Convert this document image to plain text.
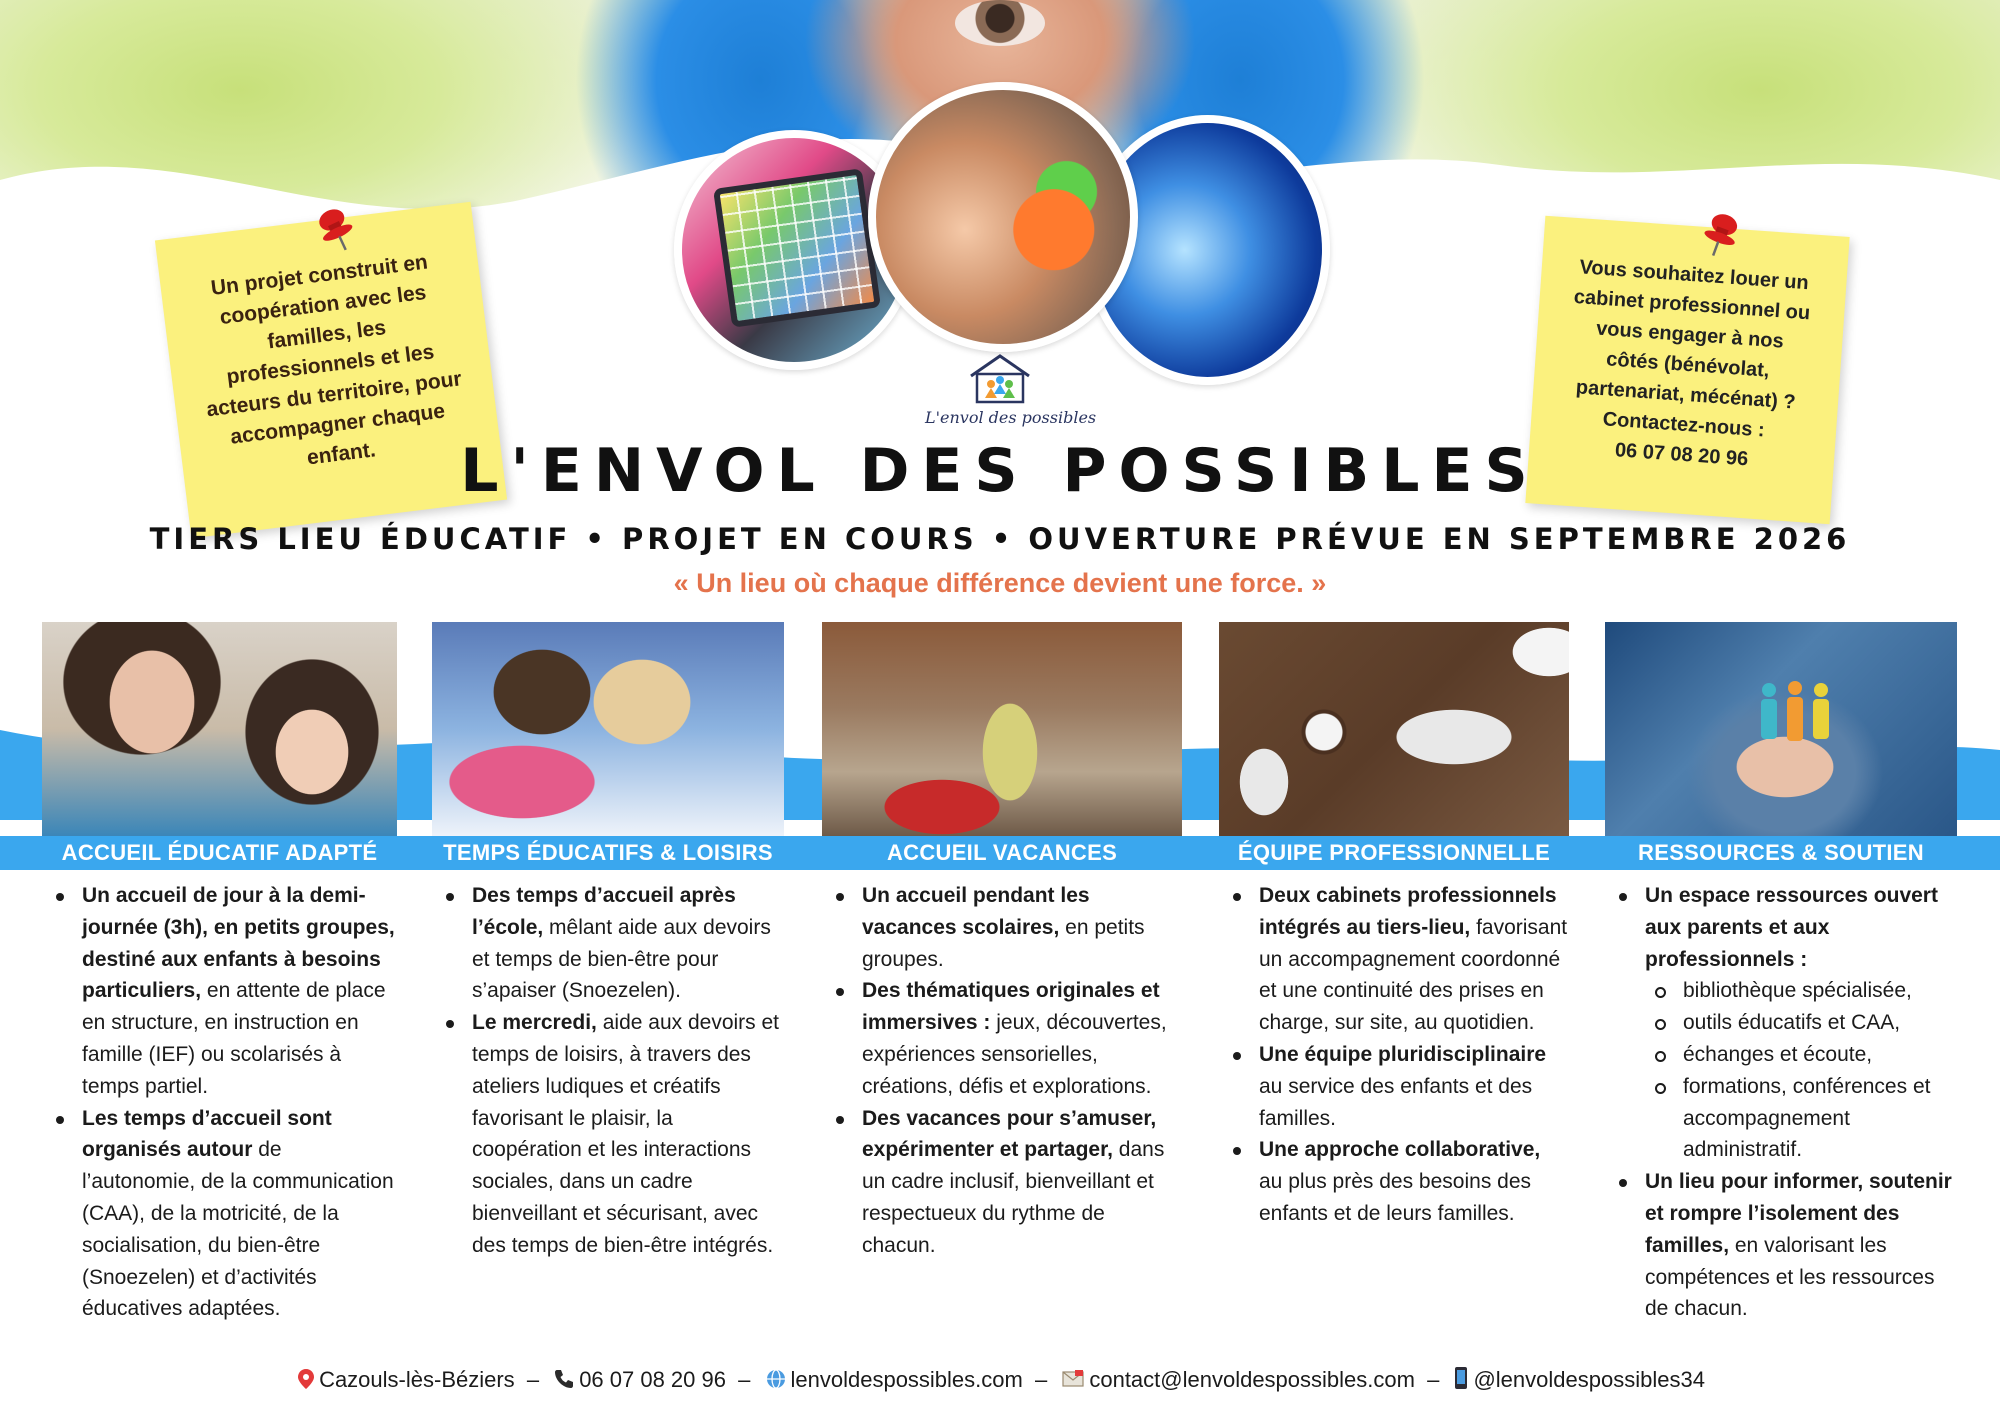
L'envol des possibles
Un projet construit en coopération avec les familles, les professionnels et les acteurs du territoire, pour accompagner chaque enfant.
Vous souhaitez louer un
cabinet professionnel ou
vous engager à nos
côtés (bénévolat,
partenariat, mécénat) ?
Contactez-nous :
06 07 08 20 96
L'ENVOL DES POSSIBLES
TIERS LIEU ÉDUCATIF • PROJET EN COURS • OUVERTURE PRÉVUE EN SEPTEMBRE 2026
« Un lieu où chaque différence devient une force. »
ACCUEIL ÉDUCATIF ADAPTÉ
Un accueil de jour à la demi-journée (3h), en petits groupes, destiné aux enfants à besoins particuliers, en attente de place en structure, en instruction en famille (IEF) ou scolarisés à temps partiel.
Les temps d’accueil sont organisés autour de l’autonomie, de la communication (CAA), de la motricité, de la socialisation, du bien-être (Snoezelen) et d’activités éducatives adaptées.
TEMPS ÉDUCATIFS & LOISIRS
Des temps d’accueil après l’école, mêlant aide aux devoirs et temps de bien-être pour s’apaiser (Snoezelen).
Le mercredi, aide aux devoirs et temps de loisirs, à travers des ateliers ludiques et créatifs favorisant le plaisir, la coopération et les interactions sociales, dans un cadre bienveillant et sécurisant, avec des temps de bien-être intégrés.
ACCUEIL VACANCES
Un accueil pendant les vacances scolaires, en petits groupes.
Des thématiques originales et immersives : jeux, découvertes, expériences sensorielles, créations, défis et explorations.
Des vacances pour s’amuser, expérimenter et partager, dans un cadre inclusif, bienveillant et respectueux du rythme de chacun.
ÉQUIPE PROFESSIONNELLE
Deux cabinets professionnels intégrés au tiers-lieu, favorisant un accompagnement coordonné et une continuité des prises en charge, sur site, au quotidien.
Une équipe pluridisciplinaire au service des enfants et des familles.
Une approche collaborative, au plus près des besoins des enfants et de leurs familles.
RESSOURCES & SOUTIEN
Un espace ressources ouvert aux parents et aux professionnels :
bibliothèque spécialisée,
outils éducatifs et CAA,
échanges et écoute,
formations, conférences et accompagnement administratif.
Un lieu pour informer, soutenir et rompre l’isolement des familles, en valorisant les compétences et les ressources de chacun.
Cazouls-lès-Béziers – 06 07 08 20 96 – lenvoldespossibles.com – contact@lenvoldespossibles.com – @lenvoldespossibles34
